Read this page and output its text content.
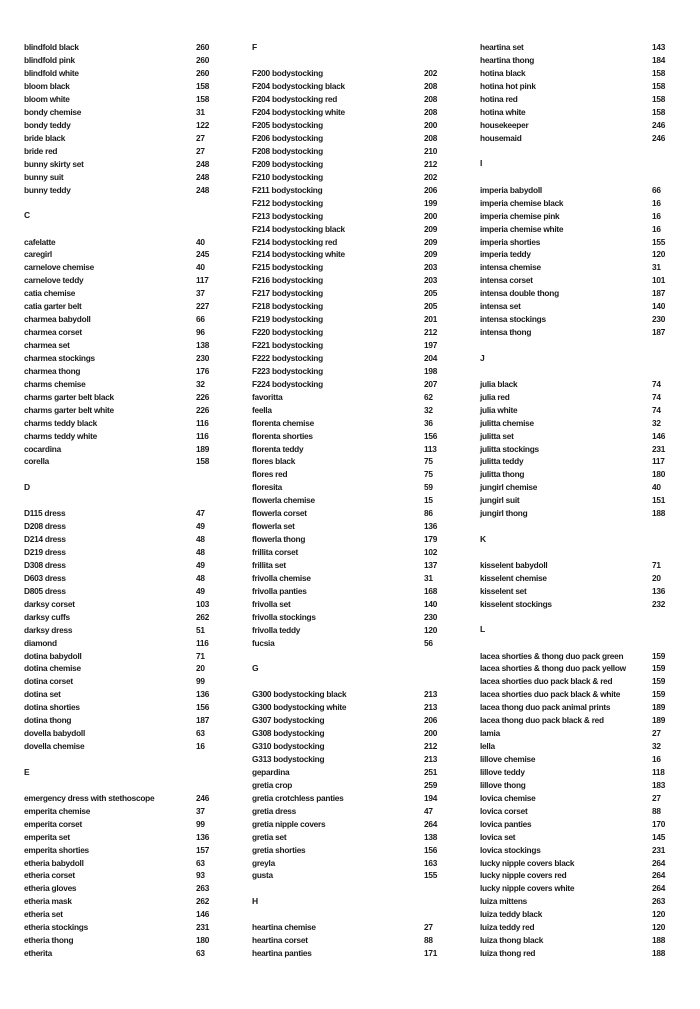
blindfold black	260
blindfold pink	260
blindfold white	260
bloom black	158
bloom white	158
bondy chemise	31
bondy teddy	122
bride black	27
bride red	27
bunny skirty set	248
bunny suit	248
bunny teddy	248
C
cafelatte	40
caregirl	245
carnelove chemise	40
carnelove teddy	117
catia chemise	37
catia garter belt	227
charmea babydoll	66
charmea corset	96
charmea set	138
charmea stockings	230
charmea thong	176
charms chemise	32
charms garter belt black	226
charms garter belt white	226
charms teddy black	116
charms teddy white	116
cocardina	189
corella	158
D
D115 dress	47
D208 dress	49
D214 dress	48
D219 dress	48
D308 dress	49
D603 dress	48
D805 dress	49
darksy corset	103
darksy cuffs	262
darksy dress	51
diamond	116
dotina babydoll	71
dotina chemise	20
dotina corset	99
dotina set	136
dotina shorties	156
dotina thong	187
dovella babydoll	63
dovella chemise	16
E
emergency dress with stethoscope	246
emperita chemise	37
emperita corset	99
emperita set	136
emperita shorties	157
etheria babydoll	63
etheria corset	93
etheria gloves	263
etheria mask	262
etheria set	146
etheria stockings	231
etheria thong	180
etherita	63
F
F200 bodystocking	202
F204 bodystocking black	208
F204 bodystocking red	208
F204 bodystocking white	208
F205 bodystocking	200
F206 bodystocking	208
F208 bodystocking	210
F209 bodystocking	212
F210 bodystocking	202
F211 bodystocking	206
F212 bodystocking	199
F213 bodystocking	200
F214 bodystocking black	209
F214 bodystocking red	209
F214 bodystocking white	209
F215 bodystocking	203
F216 bodystocking	203
F217 bodystocking	205
F218 bodystocking	205
F219 bodystocking	201
F220 bodystocking	212
F221 bodystocking	197
F222 bodystocking	204
F223 bodystocking	198
F224 bodystocking	207
favoritta	62
feella	32
florenta chemise	36
florenta shorties	156
florenta teddy	113
flores black	75
flores red	75
floresita	59
flowerla chemise	15
flowerla corset	86
flowerla set	136
flowerla thong	179
frillita corset	102
frillita set	137
frivolla chemise	31
frivolla panties	168
frivolla set	140
frivolla stockings	230
frivolla teddy	120
fucsia	56
G
G300 bodystocking black	213
G300 bodystocking white	213
G307 bodystocking	206
G308 bodystocking	200
G310 bodystocking	212
G313 bodystocking	213
gepardina	251
gretia crop	259
gretia crotchless panties	194
gretia dress	47
gretia nipple covers	264
gretia set	138
gretia shorties	156
greyla	163
gusta	155
H
heartina chemise	27
heartina corset	88
heartina panties	171
heartina set	143
heartina thong	184
hotina black	158
hotina hot pink	158
hotina red	158
hotina white	158
housekeeper	246
housemaid	246
I
imperia babydoll	66
imperia chemise black	16
imperia chemise pink	16
imperia chemise white	16
imperia shorties	155
imperia teddy	120
intensa chemise	31
intensa corset	101
intensa double thong	187
intensa set	140
intensa stockings	230
intensa thong	187
J
julia black	74
julia red	74
julia white	74
julitta chemise	32
julitta set	146
julitta stockings	231
julitta teddy	117
julitta thong	180
jungirl chemise	40
jungirl suit	151
jungirl thong	188
K
kisselent babydoll	71
kisselent chemise	20
kisselent set	136
kisselent stockings	232
L
lacea shorties & thong duo pack green	159
lacea shorties & thong duo pack yellow	159
lacea shorties duo pack black & red	159
lacea shorties duo pack black & white	159
lacea thong duo pack animal prints	189
lacea thong duo pack black & red	189
lamia	27
lella	32
lillove chemise	16
lillove teddy	118
lillove thong	183
lovica chemise	27
lovica corset	88
lovica panties	170
lovica set	145
lovica stockings	231
lucky nipple covers black	264
lucky nipple covers red	264
lucky nipple covers white	264
luiza mittens	263
luiza teddy black	120
luiza teddy red	120
luiza thong black	188
luiza thong red	188
